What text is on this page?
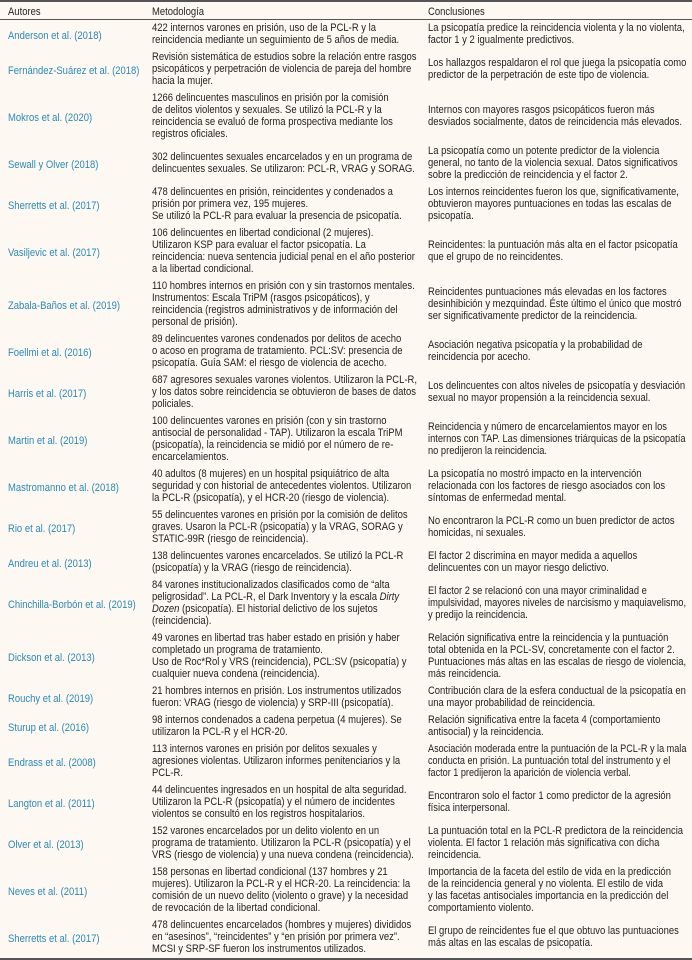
Autores	Metodología	Conclusiones
Anderson et al. (2018)
422 internos varones en prisión, uso de la PCL-R y la
reincidencia mediante un seguimiento de 5 años de media.
La psicopatía predice la reincidencia violenta y la no violenta,
factor 1 y 2 igualmente predictivos.
Fernández-Suárez et al. (2018)
Revisión sistemática de estudios sobre la relación entre rasgos
psicopáticos y perpetración de violencia de pareja del hombre
hacia la mujer.
Los hallazgos respaldaron el rol que juega la psicopatía como
predictor de la perpetración de este tipo de violencia.
Mokros et al. (2020)
1266 delincuentes masculinos en prisión por la comisión
de delitos violentos y sexuales. Se utilizó la PCL-R y la
reincidencia se evaluó de forma prospectiva mediante los
registros oficiales.
Internos con mayores rasgos psicopáticos fueron más
desviados socialmente, datos de reincidencia más elevados.
Sewall y Olver (2018)
302 delincuentes sexuales encarcelados y en un programa de
delincuentes sexuales. Se utilizaron: PCL-R, VRAG y SORAG.
La psicopatía como un potente predictor de la violencia
general, no tanto de la violencia sexual. Datos significativos
sobre la predicción de reincidencia y el factor 2.
Sherretts et al. (2017)
478 delincuentes en prisión, reincidentes y condenados a
prisión por primera vez, 195 mujeres.
Se utilizó la PCL-R para evaluar la presencia de psicopatía.
Los internos reincidentes fueron los que, significativamente,
obtuvieron mayores puntuaciones en todas las escalas de
psicopatía.
Vasiljevic et al. (2017)
106 delincuentes en libertad condicional (2 mujeres).
Utilizaron KSP para evaluar el factor psicopatía. La
reincidencia: nueva sentencia judicial penal en el año posterior
a la libertad condicional.
Reincidentes: la puntuación más alta en el factor psicopatía
que el grupo de no reincidentes.
Zabala-Baños et al. (2019)
110 hombres internos en prisión con y sin trastornos mentales.
Instrumentos: Escala TriPM (rasgos psicopáticos), y
reincidencia (registros administrativos y de información del
personal de prisión).
Reincidentes puntuaciones más elevadas en los factores
desinhibición y mezquindad. Éste último el único que mostró
ser significativamente predictor de la reincidencia.
Foellmi et al. (2016)
89 delincuentes varones condenados por delitos de acecho
o acoso en programa de tratamiento. PCL:SV: presencia de
psicopatía. Guía SAM: el riesgo de violencia de acecho.
Asociación negativa psicopatía y la probabilidad de
reincidencia por acecho.
Harris et al. (2017)
687 agresores sexuales varones violentos. Utilizaron la PCL-R,
y los datos sobre reincidencia se obtuvieron de bases de datos
policiales.
Los delincuentes con altos niveles de psicopatía y desviación
sexual no mayor propensión a la reincidencia sexual.
Martin et al. (2019)
100 delincuentes varones en prisión (con y sin trastorno
antisocial de personalidad - TAP). Utilizaron la escala TriPM
(psicopatía), la reincidencia se midió por el número de re-
encarcelamientos.
Reincidencia y número de encarcelamientos mayor en los
internos con TAP. Las dimensiones triárquicas de la psicopatía
no predijeron la reincidencia.
Mastromanno et al. (2018)
40 adultos (8 mujeres) en un hospital psiquiátrico de alta
seguridad y con historial de antecedentes violentos. Utilizaron
la PCL-R (psicopatía), y el HCR-20 (riesgo de violencia).
La psicopatía no mostró impacto en la intervención
relacionada con los factores de riesgo asociados con los
síntomas de enfermedad mental.
Rio et al. (2017)
55 delincuentes varones en prisión por la comisión de delitos
graves. Usaron la PCL-R (psicopatía) y la VRAG, SORAG y
STATIC-99R (riesgo de reincidencia).
No encontraron la PCL-R como un buen predictor de actos
homicidas, ni sexuales.
Andreu et al. (2013)
138 delincuentes varones encarcelados. Se utilizó la PCL-R
(psicopatía) y la VRAG (riesgo de reincidencia).
El factor 2 discrimina en mayor medida a aquellos
delincuentes con un mayor riesgo delictivo.
Chinchilla-Borbón et al. (2019)
84 varones institucionalizados clasificados como de “alta
peligrosidad”. La PCL-R, el Dark Inventory y la escala Dirty
Dozen (psicopatía). El historial delictivo de los sujetos
(reincidencia).
El factor 2 se relacionó con una mayor criminalidad e
impulsividad, mayores niveles de narcisismo y maquiavelismo,
y predijo la reincidencia.
Dickson et al. (2013)
49 varones en libertad tras haber estado en prisión y haber
completado un programa de tratamiento.
Uso de Roc*Rol y VRS (reincidencia), PCL:SV (psicopatía) y
cualquier nueva condena (reincidencia).
Relación significativa entre la reincidencia y la puntuación
total obtenida en la PCL-SV, concretamente con el factor 2.
Puntuaciones más altas en las escalas de riesgo de violencia,
más reincidencia.
Rouchy et al. (2019)
21 hombres internos en prisión. Los instrumentos utilizados
fueron: VRAG (riesgo de violencia) y SRP-III (psicopatía).
Contribución clara de la esfera conductual de la psicopatía en
una mayor probabilidad de reincidencia.
Sturup et al. (2016)
98 internos condenados a cadena perpetua (4 mujeres). Se
utilizaron la PCL-R y el HCR-20.
Relación significativa entre la faceta 4 (comportamiento
antisocial) y la reincidencia.
Endrass et al. (2008)
113 internos varones en prisión por delitos sexuales y
agresiones violentas. Utilizaron informes penitenciarios y la
PCL-R.
Asociación moderada entre la puntuación de la PCL-R y la mala
conducta en prisión. La puntuación total del instrumento y el
factor 1 predijeron la aparición de violencia verbal.
Langton et al. (2011)
44 delincuentes ingresados en un hospital de alta seguridad.
Utilizaron la PCL-R (psicopatía) y el número de incidentes
violentos se consultó en los registros hospitalarios.
Encontraron solo el factor 1 como predictor de la agresión
física interpersonal.
Olver et al. (2013)
152 varones encarcelados por un delito violento en un
programa de tratamiento. Utilizaron la PCL-R (psicopatía) y el
VRS (riesgo de violencia) y una nueva condena (reincidencia).
La puntuación total en la PCL-R predictora de la reincidencia
violenta. El factor 1 relación más significativa con dicha
reincidencia.
Neves et al. (2011)
158 personas en libertad condicional (137 hombres y 21
mujeres). Utilizaron la PCL-R y el HCR-20. La reincidencia: la
comisión de un nuevo delito (violento o grave) y la necesidad
de revocación de la libertad condicional.
Importancia de la faceta del estilo de vida en la predicción
de la reincidencia general y no violenta. El estilo de vida
y las facetas antisociales importancia en la predicción del
comportamiento violento.
Sherretts et al. (2017)
478 delincuentes encarcelados (hombres y mujeres) divididos
en “asesinos”, “reincidentes” y “en prisión por primera vez”.
MCSI y SRP-SF fueron los instrumentos utilizados.
El grupo de reincidentes fue el que obtuvo las puntuaciones
más altas en las escalas de psicopatía.
